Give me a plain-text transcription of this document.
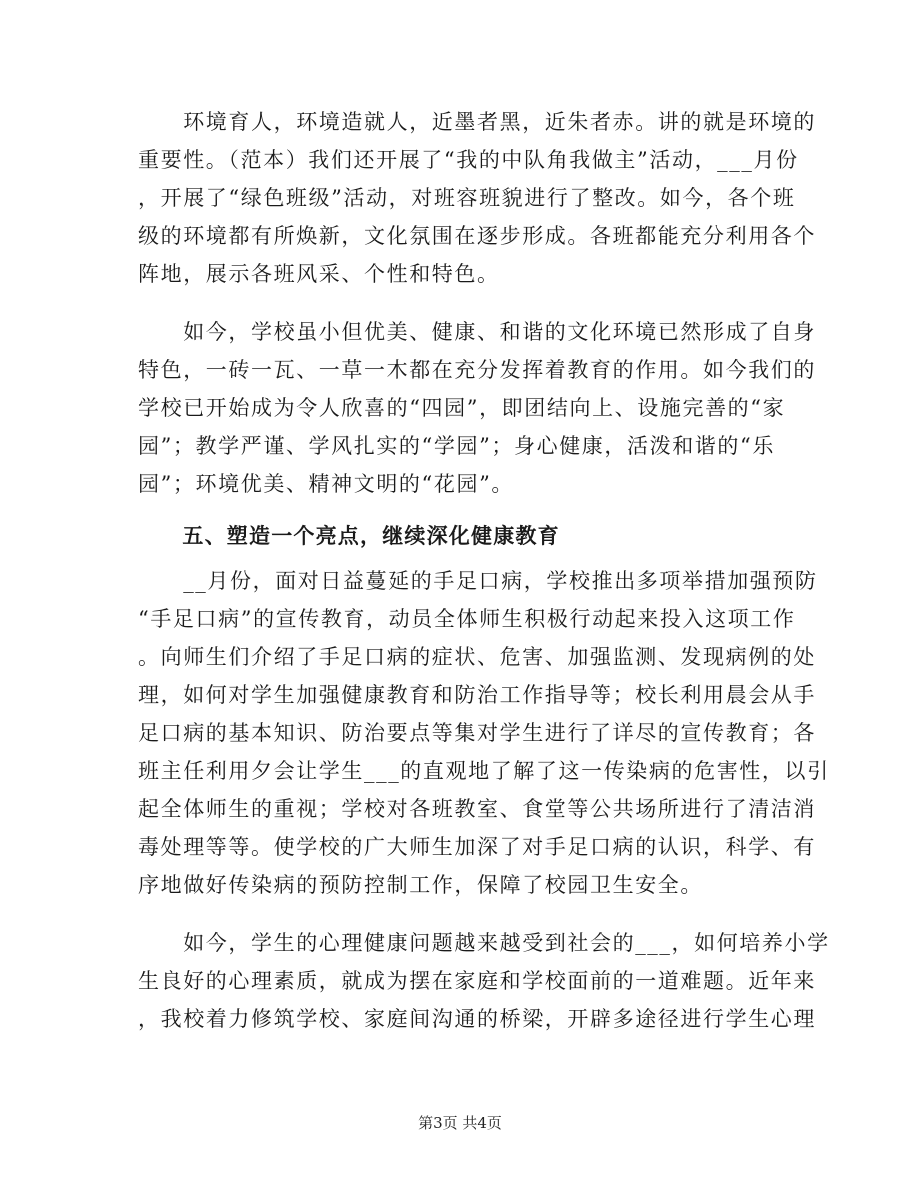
　　环境育人，环境造就人，近墨者黑，近朱者赤。讲的就是环境的
重要性。（范本）我们还开展了“我的中队角我做主”活动，___月份
，开展了“绿色班级”活动，对班容班貌进行了整改。如今，各个班
级的环境都有所焕新，文化氛围在逐步形成。各班都能充分利用各个
阵地，展示各班风采、个性和特色。
　　如今，学校虽小但优美、健康、和谐的文化环境已然形成了自身
特色，一砖一瓦、一草一木都在充分发挥着教育的作用。如今我们的
学校已开始成为令人欣喜的“四园”，即团结向上、设施完善的“家
园”；教学严谨、学风扎实的“学园”；身心健康，活泼和谐的“乐
园”；环境优美、精神文明的“花园”。
　　五、塑造一个亮点，继续深化健康教育
　　__月份，面对日益蔓延的手足口病，学校推出多项举措加强预防
“手足口病”的宣传教育，动员全体师生积极行动起来投入这项工作
。向师生们介绍了手足口病的症状、危害、加强监测、发现病例的处
理，如何对学生加强健康教育和防治工作指导等；校长利用晨会从手
足口病的基本知识、防治要点等集对学生进行了详尽的宣传教育；各
班主任利用夕会让学生___的直观地了解了这一传染病的危害性，以引
起全体师生的重视；学校对各班教室、食堂等公共场所进行了清洁消
毒处理等等。使学校的广大师生加深了对手足口病的认识，科学、有
序地做好传染病的预防控制工作，保障了校园卫生安全。
　　如今，学生的心理健康问题越来越受到社会的___，如何培养小学
生良好的心理素质，就成为摆在家庭和学校面前的一道难题。近年来
，我校着力修筑学校、家庭间沟通的桥梁，开辟多途径进行学生心理
第3页 共4页
